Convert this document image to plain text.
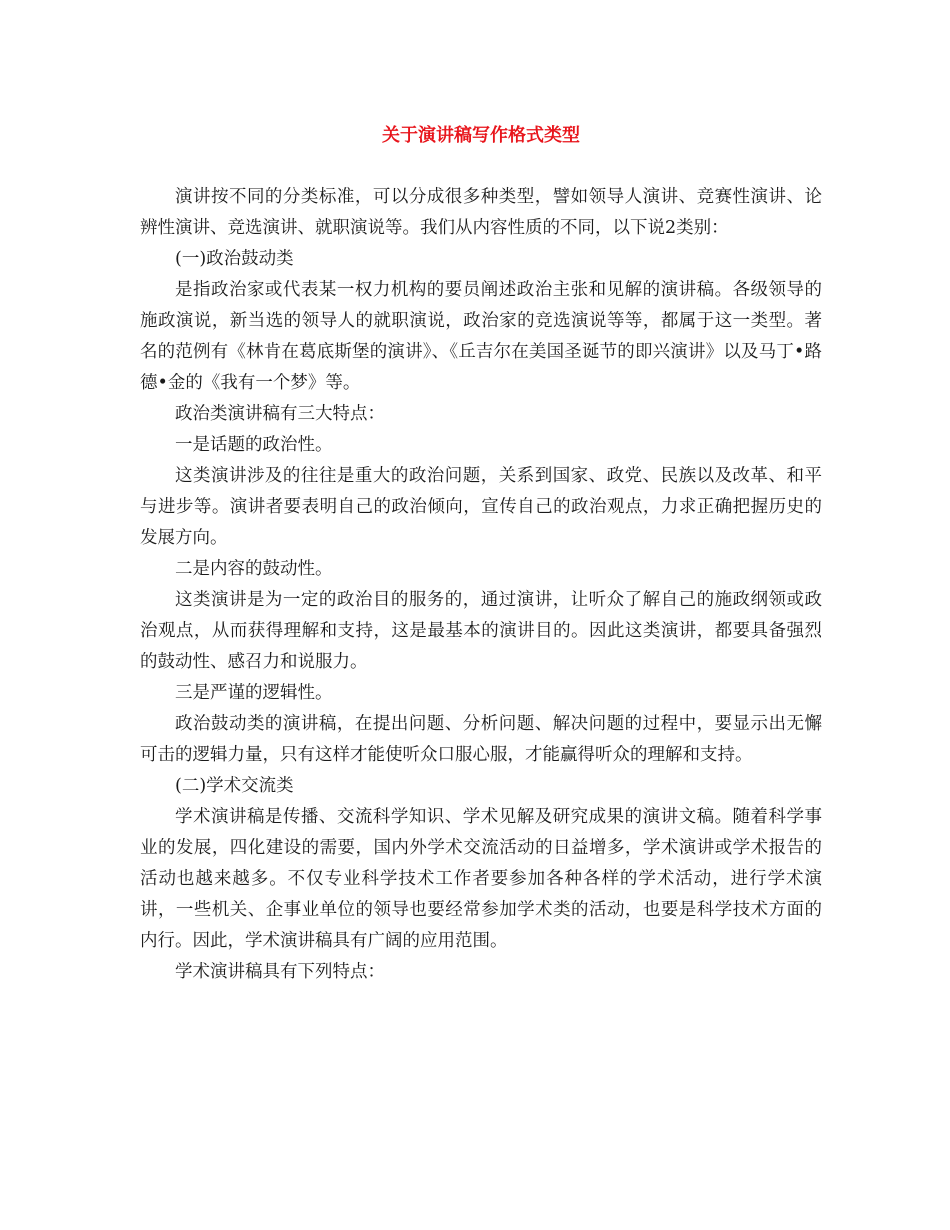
关于演讲稿写作格式类型

演讲按不同的分类标准，可以分成很多种类型，譬如领导人演讲、竞赛性演讲、论辨性演讲、竞选演讲、就职演说等。我们从内容性质的不同，以下说2类别：

(一)政治鼓动类

是指政治家或代表某一权力机构的要员阐述政治主张和见解的演讲稿。各级领导的施政演说，新当选的领导人的就职演说，政治家的竞选演说等等，都属于这一类型。著名的范例有《林肯在葛底斯堡的演讲》、《丘吉尔在美国圣诞节的即兴演讲》以及马丁•路德•金的《我有一个梦》等。

政治类演讲稿有三大特点：

一是话题的政治性。

这类演讲涉及的往往是重大的政治问题，关系到国家、政党、民族以及改革、和平与进步等。演讲者要表明自己的政治倾向，宣传自己的政治观点，力求正确把握历史的发展方向。

二是内容的鼓动性。

这类演讲是为一定的政治目的服务的，通过演讲，让听众了解自己的施政纲领或政治观点，从而获得理解和支持，这是最基本的演讲目的。因此这类演讲，都要具备强烈的鼓动性、感召力和说服力。

三是严谨的逻辑性。

政治鼓动类的演讲稿，在提出问题、分析问题、解决问题的过程中，要显示出无懈可击的逻辑力量，只有这样才能使听众口服心服，才能赢得听众的理解和支持。

(二)学术交流类

学术演讲稿是传播、交流科学知识、学术见解及研究成果的演讲文稿。随着科学事业的发展，四化建设的需要，国内外学术交流活动的日益增多，学术演讲或学术报告的活动也越来越多。不仅专业科学技术工作者要参加各种各样的学术活动，进行学术演讲，一些机关、企事业单位的领导也要经常参加学术类的活动，也要是科学技术方面的内行。因此，学术演讲稿具有广阔的应用范围。

学术演讲稿具有下列特点：
